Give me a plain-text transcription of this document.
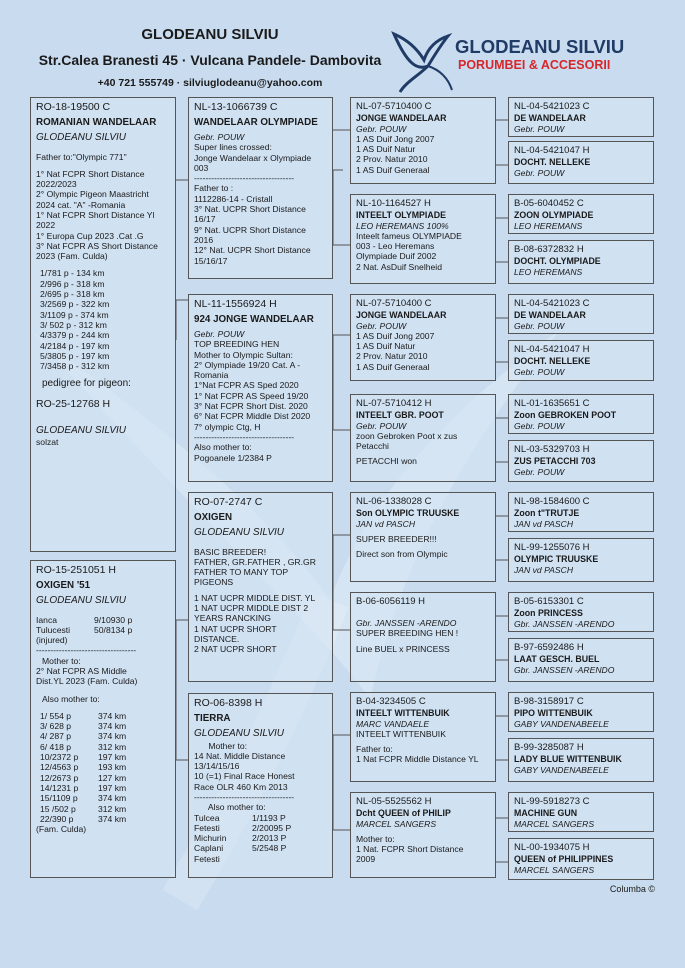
GLODEANU SILVIU
Str.Calea Branesti 45 · Vulcana Pandele- Dambovita
+40 721 555749 · silviuglodeanu@yahoo.com
GLODEANU SILVIU
PORUMBEI & ACCESORII
RO-18-19500 C
ROMANIAN WANDELAAR
GLODEANU SILVIU
Father to:"Olympic 771"
1° Nat FCPR Short Distance
2022/2023
2° Olympic Pigeon Maastricht
2024 cat. "A" -Romania
1° Nat FCPR Short Distance Yl
2022
1° Europa Cup 2023 .Cat .G
3° Nat FCPR AS Short Distance
2023 (Fam. Culda)
1/781 p - 134 km
2/996 p - 318 km
2/695 p - 318 km
3/2569 p - 322 km
3/1109 p - 374 km
3/ 502 p - 312 km
4/3379 p - 244 km
4/2184 p - 197 km
5/3805 p - 197 km
7/3458 p - 312 km
pedigree for pigeon:
RO-25-12768 H
GLODEANU SILVIU
solzat
RO-15-251051 H
OXIGEN '51
GLODEANU SILVIU
Ianca	9/10930 p
Tulucesti	50/8134 p
(injured)
-----------------------------------
Mother to:
2° Nat FCPR AS Middle
Dist.YL 2023 (Fam. Culda)
Also mother to:
1/ 554 p	374 km
3/ 628 p	374 km
4/ 287 p	374 km
6/ 418 p	312 km
10/2372 p 197 km
12/4563 p 193 km
12/2673 p 127 km
14/1231 p 197 km
15/1109 p 374 km
15 /502 p	312 km
22/390 p	374 km
(Fam. Culda)
NL-13-1066739 C
WANDELAAR OLYMPIADE
Gebr. POUW
Super lines crossed:
Jonge Wandelaar x Olympiade
003
-----------------------------------
Father to :
1112286-14 - Cristall
3° Nat. UCPR Short Distance
16/17
9° Nat. UCPR Short Distance
2016
12° Nat. UCPR Short Distance
15/16/17
NL-11-1556924 H
924 JONGE WANDELAAR
Gebr. POUW
TOP BREEDING HEN
Mother to Olympic Sultan:
2° Olympiade 19/20 Cat. A -
Romania
1°Nat FCPR AS Sped 2020
1° Nat FCPR AS Speed 19/20
3° Nat FCPR Short Dist. 2020
6° Nat FCPR Middle Dist 2020
7° olympic Ctg, H
-----------------------------------
Also mother to:
Pogoanele 1/2384 P
RO-07-2747 C
OXIGEN
GLODEANU SILVIU
BASIC BREEDER!
FATHER, GR.FATHER , GR.GR
FATHER TO MANY TOP
PIGEONS
1 NAT UCPR MIDDLE DIST. YL
1 NAT UCPR MIDDLE DIST 2
YEARS RANCKING
1 NAT UCPR SHORT
DISTANCE.
2 NAT UCPR SHORT
RO-06-8398 H
TIERRA
GLODEANU SILVIU
Mother to:
14 Nat. Middle Distance
13/14/15/16
10 (=1) Final Race Honest
Race OLR 460 Km 2013
-----------------------------------
Also mother to:
Tulcea	1/1193 P
Fetesti	2/20095 P
Michurin	2/2013 P
Caplani	5/2548 P
Fetesti
NL-07-5710400 C
JONGE WANDELAAR
Gebr. POUW
1 AS Duif Jong 2007
1 AS Duif Natur
2 Prov. Natur 2010
1 AS Duif Generaal
NL-10-1164527 H
INTEELT OLYMPIADE
LEO HEREMANS 100%
Inteelt fameus OLYMPIADE
003 - Leo Heremans
Olympiade Duif 2002
2 Nat. AsDuif Snelheid
NL-07-5710400 C
JONGE WANDELAAR
Gebr. POUW
1 AS Duif Jong 2007
1 AS Duif Natur
2 Prov. Natur 2010
1 AS Duif Generaal
NL-07-5710412 H
INTEELT GBR. POOT
Gebr. POUW
zoon Gebroken Poot x zus
Petacchi
PETACCHI won
NL-06-1338028 C
Son OLYMPIC TRUUSKE
JAN vd PASCH
SUPER BREEDER!!!
Direct son from Olympic
B-06-6056119 H
Gbr. JANSSEN -ARENDO
SUPER BREEDING HEN !
Line BUEL x PRINCESS
B-04-3234505 C
INTEELT WITTENBUIK
MARC VANDAELE
INTEELT WITTENBUIK
Father to:
1 Nat FCPR Middle Distance YL
NL-05-5525562 H
Dcht QUEEN of PHILIP
MARCEL SANGERS
Mother to:
1 Nat. FCPR Short Distance
2009
NL-04-5421023 C
DE WANDELAAR
Gebr. POUW
NL-04-5421047 H
DOCHT. NELLEKE
Gebr. POUW
B-05-6040452 C
ZOON OLYMPIADE
LEO HEREMANS
B-08-6372832 H
DOCHT. OLYMPIADE
LEO HEREMANS
NL-04-5421023 C
DE WANDELAAR
Gebr. POUW
NL-04-5421047 H
DOCHT. NELLEKE
Gebr. POUW
NL-01-1635651 C
Zoon GEBROKEN POOT
Gebr. POUW
NL-03-5329703 H
ZUS PETACCHI 703
Gebr. POUW
NL-98-1584600 C
Zoon t"TRUTJE
JAN vd PASCH
NL-99-1255076 H
OLYMPIC TRUUSKE
JAN vd PASCH
B-05-6153301 C
Zoon PRINCESS
Gbr. JANSSEN -ARENDO
B-97-6592486 H
LAAT GESCH. BUEL
Gbr. JANSSEN -ARENDO
B-98-3158917 C
PIPO WITTENBUIK
GABY VANDENABEELE
B-99-3285087 H
LADY BLUE WITTENBUIK
GABY VANDENABEELE
NL-99-5918273 C
MACHINE GUN
MARCEL SANGERS
NL-00-1934075 H
QUEEN of PHILIPPINES
MARCEL SANGERS
Columba ©
